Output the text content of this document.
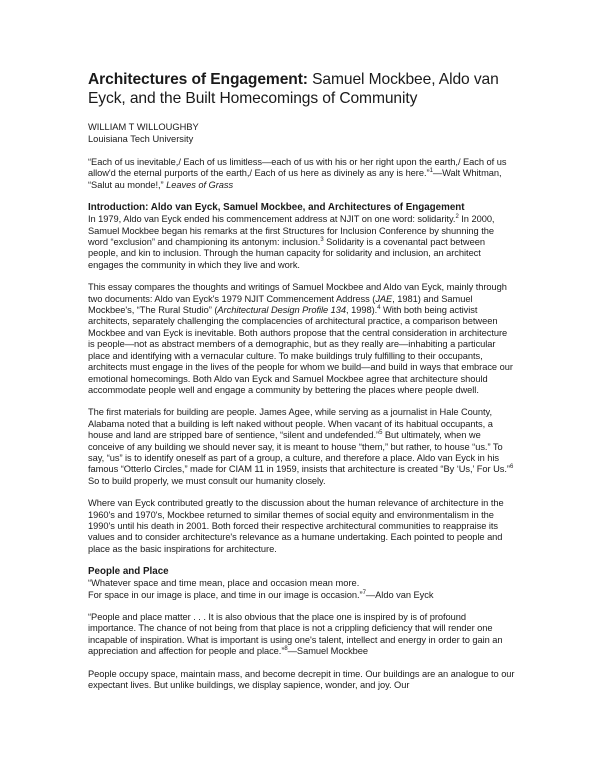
Architectures of Engagement: Samuel Mockbee, Aldo van Eyck, and the Built Homecomings of Community

WILLIAM T WILLOUGHBY

Louisiana Tech University

“Each of us inevitable,/ Each of us limitless—each of us with his or her right upon the earth,/ Each of us allow'd the eternal purports of the earth,/ Each of us here as divinely as any is here.”$^1$—Walt Whitman, “Salut au monde!,” Leaves of Grass

Introduction: Aldo van Eyck, Samuel Mockbee, and Architectures of Engagement

In 1979, Aldo van Eyck ended his commencement address at NJIT on one word: solidarity.$^2$ In 2000, Samuel Mockbee began his remarks at the first Structures for Inclusion Conference by shunning the word “exclusion” and championing its antonym: inclusion.$^3$ Solidarity is a covenantal pact between people, and kin to inclusion. Through the human capacity for solidarity and inclusion, an architect engages the community in which they live and work.

This essay compares the thoughts and writings of Samuel Mockbee and Aldo van Eyck, mainly through two documents: Aldo van Eyck's 1979 NJIT Commencement Address (JAE, 1981) and Samuel Mockbee's, “The Rural Studio” (Architectural Design Profile 134, 1998).$^4$ With both being activist architects, separately challenging the complacencies of architectural practice, a comparison between Mockbee and van Eyck is inevitable. Both authors propose that the central consideration in architecture is people—not as abstract members of a demographic, but as they really are—inhabiting a particular place and identifying with a vernacular culture. To make buildings truly fulfilling to their occupants, architects must engage in the lives of the people for whom we build—and build in ways that embrace our emotional homecomings. Both Aldo van Eyck and Samuel Mockbee agree that architecture should accommodate people well and engage a community by bettering the places where people dwell.

The first materials for building are people. James Agee, while serving as a journalist in Hale County, Alabama noted that a building is left naked without people. When vacant of its habitual occupants, a house and land are stripped bare of sentience, “silent and undefended.”$^5$ But ultimately, when we conceive of any building we should never say, it is meant to house “them,” but rather, to house “us.” To say, “us” is to identify oneself as part of a group, a culture, and therefore a place. Aldo van Eyck in his famous “Otterlo Circles,” made for CIAM 11 in 1959, insists that architecture is created “By ‘Us,’ For Us.”$^6$ So to build properly, we must consult our humanity closely.

Where van Eyck contributed greatly to the discussion about the human relevance of architecture in the 1960's and 1970's, Mockbee returned to similar themes of social equity and environmentalism in the 1990's until his death in 2001. Both forced their respective architectural communities to reappraise its values and to consider architecture's relevance as a humane undertaking. Each pointed to people and place as the basic inspirations for architecture.

People and Place

“Whatever space and time mean, place and occasion mean more.

For space in our image is place, and time in our image is occasion.”$^7$—Aldo van Eyck

“People and place matter . . . It is also obvious that the place one is inspired by is of profound importance. The chance of not being from that place is not a crippling deficiency that will render one incapable of inspiration. What is important is using one's talent, intellect and energy in order to gain an appreciation and affection for people and place.”$^8$—Samuel Mockbee

People occupy space, maintain mass, and become decrepit in time. Our buildings are an analogue to our expectant lives. But unlike buildings, we display sapience, wonder, and joy. Our
